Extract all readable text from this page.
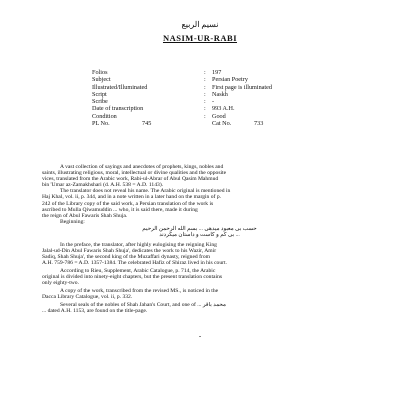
نسيم الربيع
NASIM-UR-RABI
Folios	:	197
Subject	:	Persian Poetry
Illustrated/Illuminated	:	First page is illuminated
Script	:	Naskh
Scribe	:	-
Date of transcription	:	993 A.H.
Condition	:	Good
PL No. 745		Cat No. 733
A vast collection of sayings and anecdotes of prophets, kings, nobles and
saints, illustrating religious, moral, intellectual or divine qualities and the opposite
vices, translated from the Arabic work, Rabi-ul-Abrar of Abul Qasim Mahmud
bin 'Umar az-Zamakhshari (d. A.H. 538 = A.D. 1143).
The translator does not reveal his name. The Arabic original is mentioned in
Haj Khal, vol. ii, p. 344, and in a note written in a later hand on the margin of p.
242 of the Library copy of the said work, a Persian translation of the work is
ascribed to Mulla Qiwamuddin ... who, it is said there, made it during
the reign of Abul Fawaris Shah Shuja.
Beginning:
حسب بی معبود میدهی ... بسم الله الرحمن الرحیم
... بی کم و کاست و داستان میکردند
In the preface, the translator, after highly eulogising the reigning King
Jalal-ud-Din Abul Fawaris Shah Shuja', dedicates the work to his Wazir, Amir
Sadiq, Shah Shuja', the second king of the Muzaffari dynasty, reigned from
A.H. 759-786 = A.D. 1357-1384. The celebrated Hafiz of Shiraz lived in his court.
According to Rieu, Supplement, Arabic Catalogue, p. 714, the Arabic
original is divided into ninety-eight chapters, but the present translation contains
only eighty-two.
A copy of the work, transcribed from the revised MS., is noticed in the
Dacca Library Catalogue, vol. ii, p. 332.
Several seals of the nobles of Shah Jahan's Court, and one of ... محمد باقر
... dated A.H. 1153, are found on the title-page.
-
